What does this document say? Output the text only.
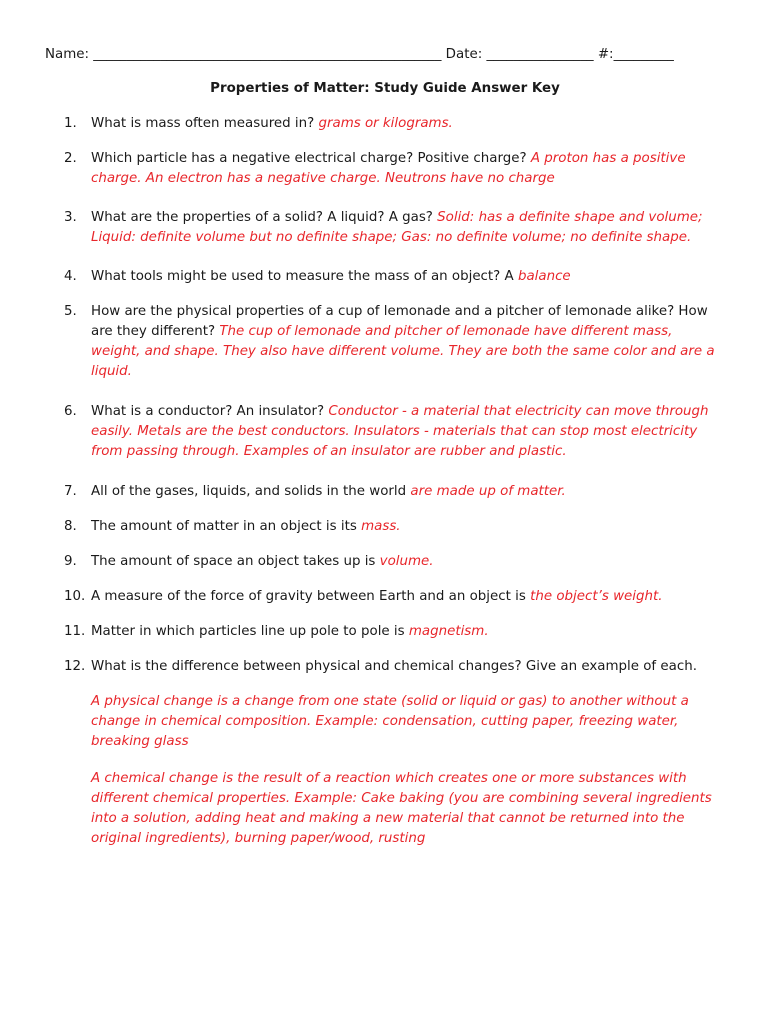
Name: ____________________________________________________ Date: ________________ #:_________
Properties of Matter: Study Guide Answer Key
1.	What is mass often measured in? grams or kilograms.
2.	Which particle has a negative electrical charge? Positive charge? A proton has a positive charge. An electron has a negative charge. Neutrons have no charge
3.	What are the properties of a solid? A liquid? A gas? Solid: has a definite shape and volume; Liquid: definite volume but no definite shape; Gas: no definite volume; no definite shape.
4.	What tools might be used to measure the mass of an object? A balance
5.	How are the physical properties of a cup of lemonade and a pitcher of lemonade alike? How are they different? The cup of lemonade and pitcher of lemonade have different mass, weight, and shape. They also have different volume. They are both the same color and are a liquid.
6.	What is a conductor? An insulator? Conductor - a material that electricity can move through easily. Metals are the best conductors. Insulators - materials that can stop most electricity from passing through. Examples of an insulator are rubber and plastic.
7.	All of the gases, liquids, and solids in the world are made up of matter.
8.	The amount of matter in an object is its mass.
9.	The amount of space an object takes up is volume.
10. A measure of the force of gravity between Earth and an object is the object’s weight.
11. Matter in which particles line up pole to pole is magnetism.
12. What is the difference between physical and chemical changes? Give an example of each.
A physical change is a change from one state (solid or liquid or gas) to another without a change in chemical composition. Example: condensation, cutting paper, freezing water, breaking glass
A chemical change is the result of a reaction which creates one or more substances with different chemical properties. Example: Cake baking (you are combining several ingredients into a solution, adding heat and making a new material that cannot be returned into the original ingredients), burning paper/wood, rusting
